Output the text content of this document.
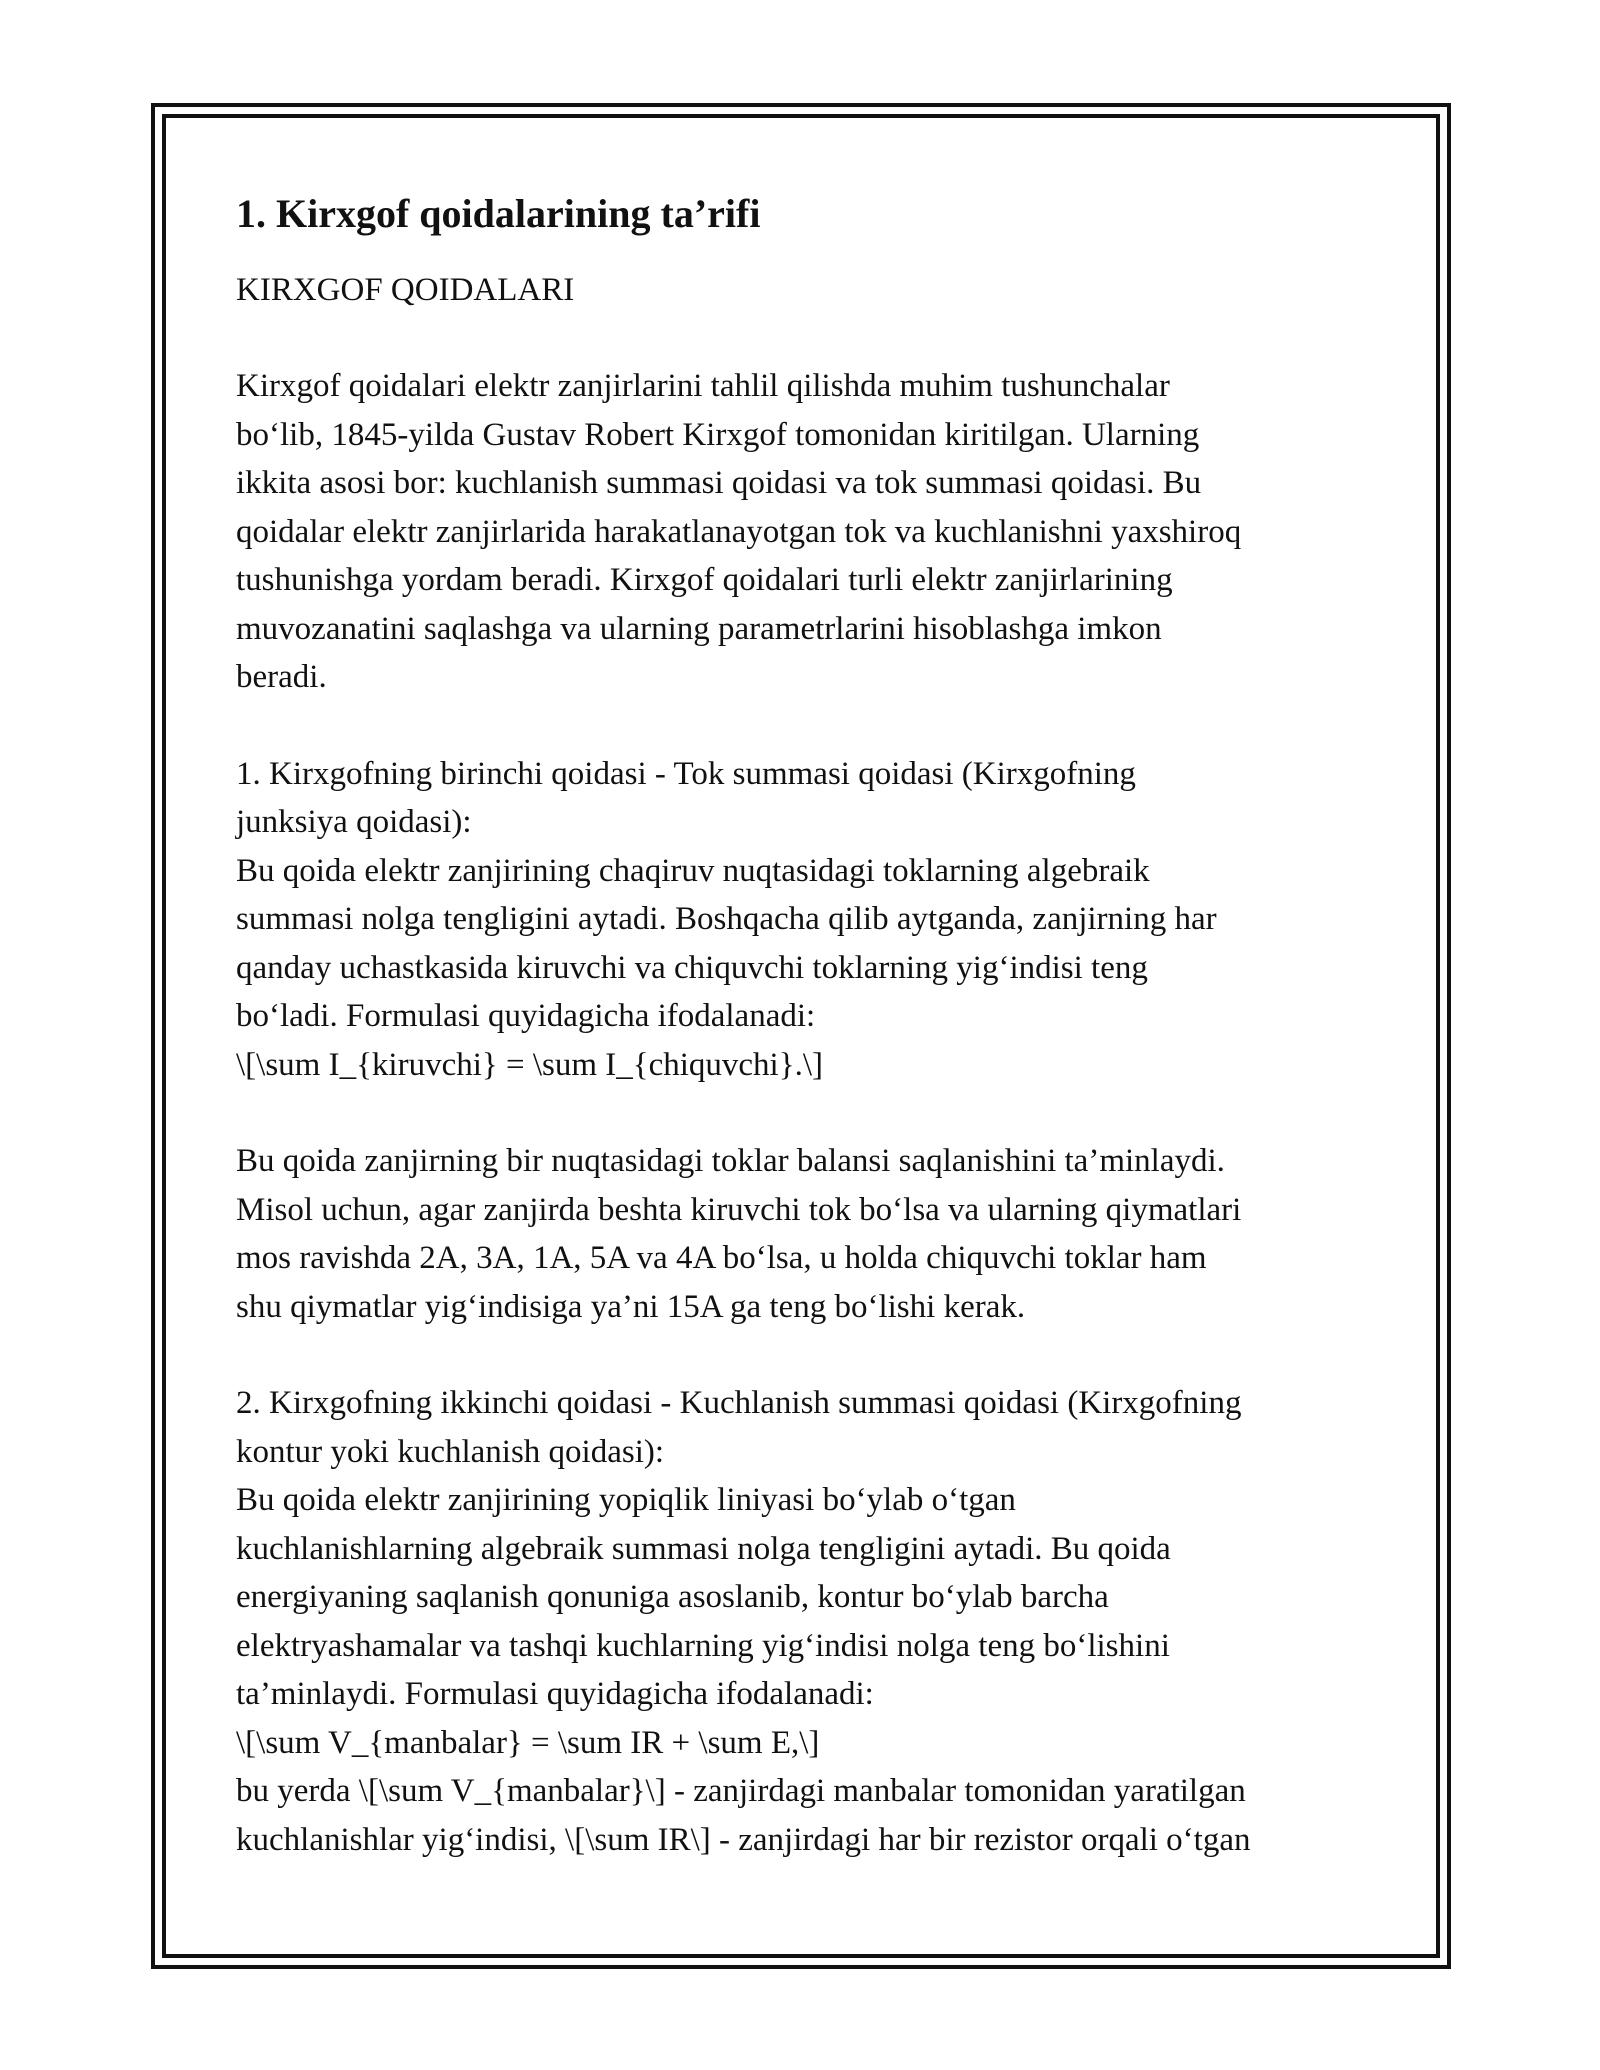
1. Kirxgof qoidalarining ta’rifi

KIRXGOF QOIDALARI

Kirxgof qoidalari elektr zanjirlarini tahlil qilishda muhim tushunchalar
bo‘lib, 1845-yilda Gustav Robert Kirxgof tomonidan kiritilgan. Ularning
ikkita asosi bor: kuchlanish summasi qoidasi va tok summasi qoidasi. Bu
qoidalar elektr zanjirlarida harakatlanayotgan tok va kuchlanishni yaxshiroq
tushunishga yordam beradi. Kirxgof qoidalari turli elektr zanjirlarining
muvozanatini saqlashga va ularning parametrlarini hisoblashga imkon
beradi.

1. Kirxgofning birinchi qoidasi - Tok summasi qoidasi (Kirxgofning
junksiya qoidasi):
Bu qoida elektr zanjirining chaqiruv nuqtasidagi toklarning algebraik
summasi nolga tengligini aytadi. Boshqacha qilib aytganda, zanjirning har
qanday uchastkasida kiruvchi va chiquvchi toklarning yig‘indisi teng
bo‘ladi. Formulasi quyidagicha ifodalanadi:
\[\sum I_{kiruvchi} = \sum I_{chiquvchi}.\]

Bu qoida zanjirning bir nuqtasidagi toklar balansi saqlanishini ta’minlaydi.
Misol uchun, agar zanjirda beshta kiruvchi tok bo‘lsa va ularning qiymatlari
mos ravishda 2A, 3A, 1A, 5A va 4A bo‘lsa, u holda chiquvchi toklar ham
shu qiymatlar yig‘indisiga ya’ni 15A ga teng bo‘lishi kerak.

2. Kirxgofning ikkinchi qoidasi - Kuchlanish summasi qoidasi (Kirxgofning
kontur yoki kuchlanish qoidasi):
Bu qoida elektr zanjirining yopiqlik liniyasi bo‘ylab o‘tgan
kuchlanishlarning algebraik summasi nolga tengligini aytadi. Bu qoida
energiyaning saqlanish qonuniga asoslanib, kontur bo‘ylab barcha
elektryashamalar va tashqi kuchlarning yig‘indisi nolga teng bo‘lishini
ta’minlaydi. Formulasi quyidagicha ifodalanadi:
\[\sum V_{manbalar} = \sum IR + \sum E,\]
bu yerda \[\sum V_{manbalar}\] - zanjirdagi manbalar tomonidan yaratilgan
kuchlanishlar yig‘indisi, \[\sum IR\] - zanjirdagi har bir rezistor orqali o‘tgan
